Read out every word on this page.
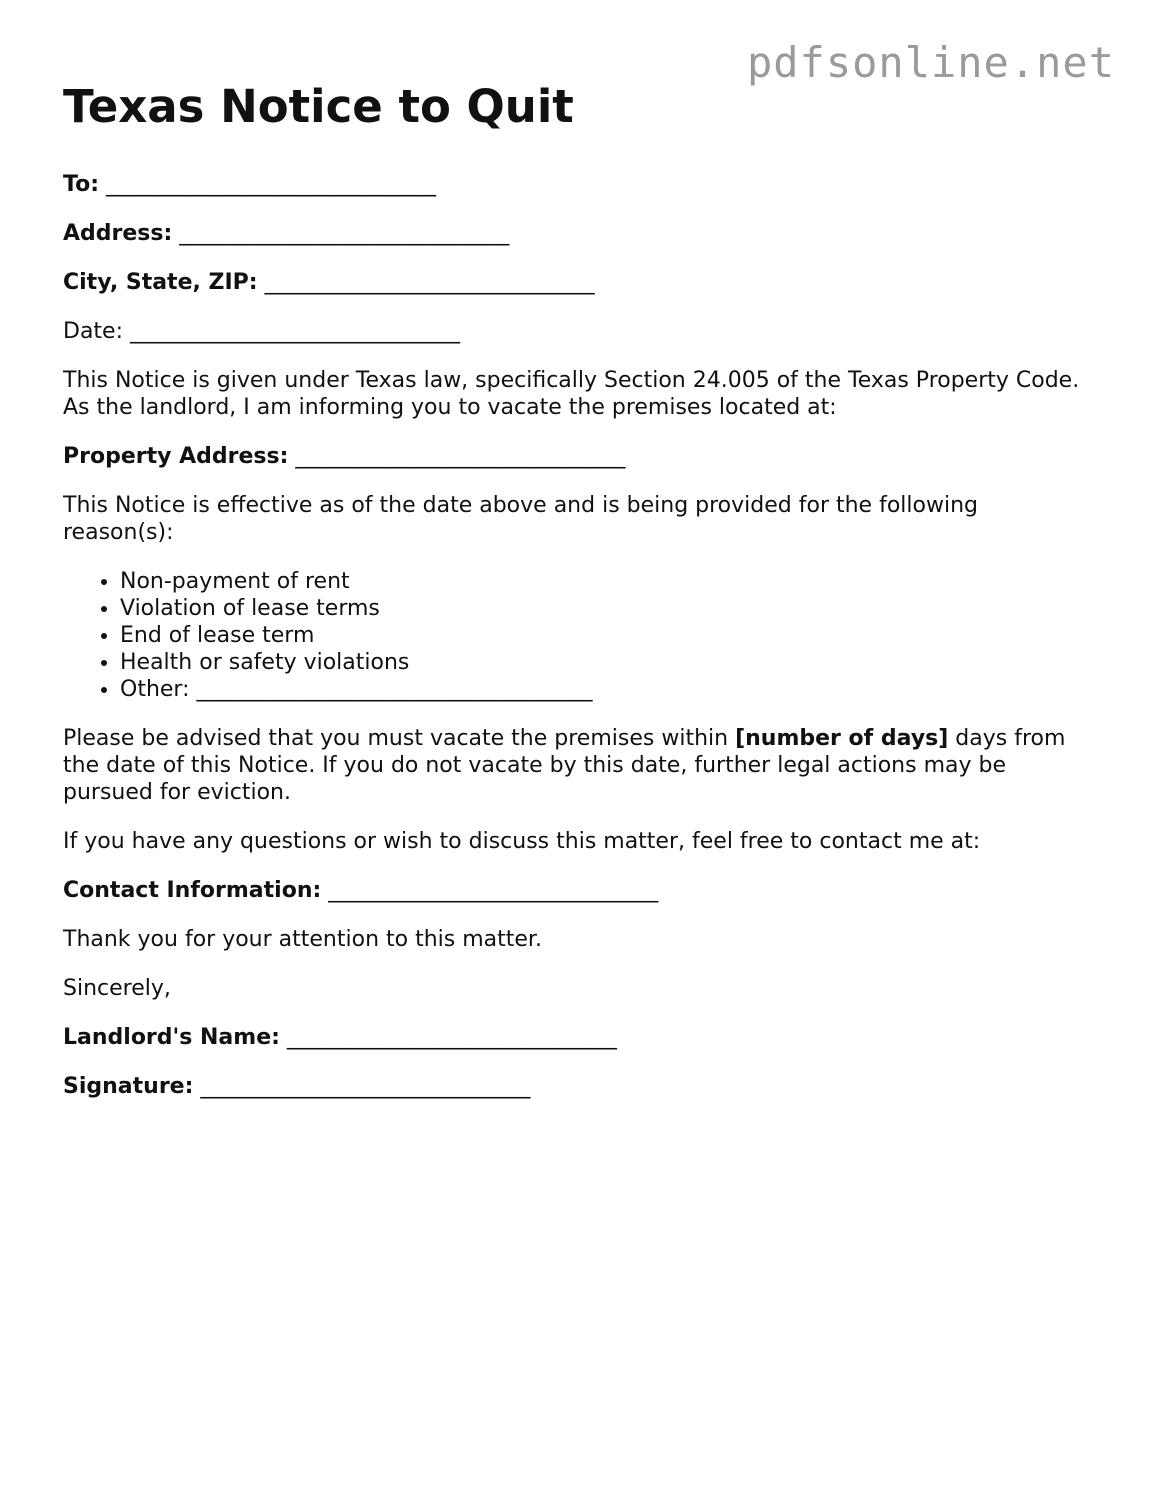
pdfsonline.net
Texas Notice to Quit

To: ______________________________

Address: ______________________________

City, State, ZIP: ______________________________

Date: ______________________________

This Notice is given under Texas law, specifically Section 24.005 of the Texas Property Code. As the landlord, I am informing you to vacate the premises located at:

Property Address: ______________________________

This Notice is effective as of the date above and is being provided for the following reason(s):

• Non-payment of rent
• Violation of lease terms
• End of lease term
• Health or safety violations
• Other: ____________________________________

Please be advised that you must vacate the premises within [number of days] days from the date of this Notice. If you do not vacate by this date, further legal actions may be pursued for eviction.

If you have any questions or wish to discuss this matter, feel free to contact me at:

Contact Information: ______________________________

Thank you for your attention to this matter.

Sincerely,

Landlord's Name: ______________________________

Signature: ______________________________
